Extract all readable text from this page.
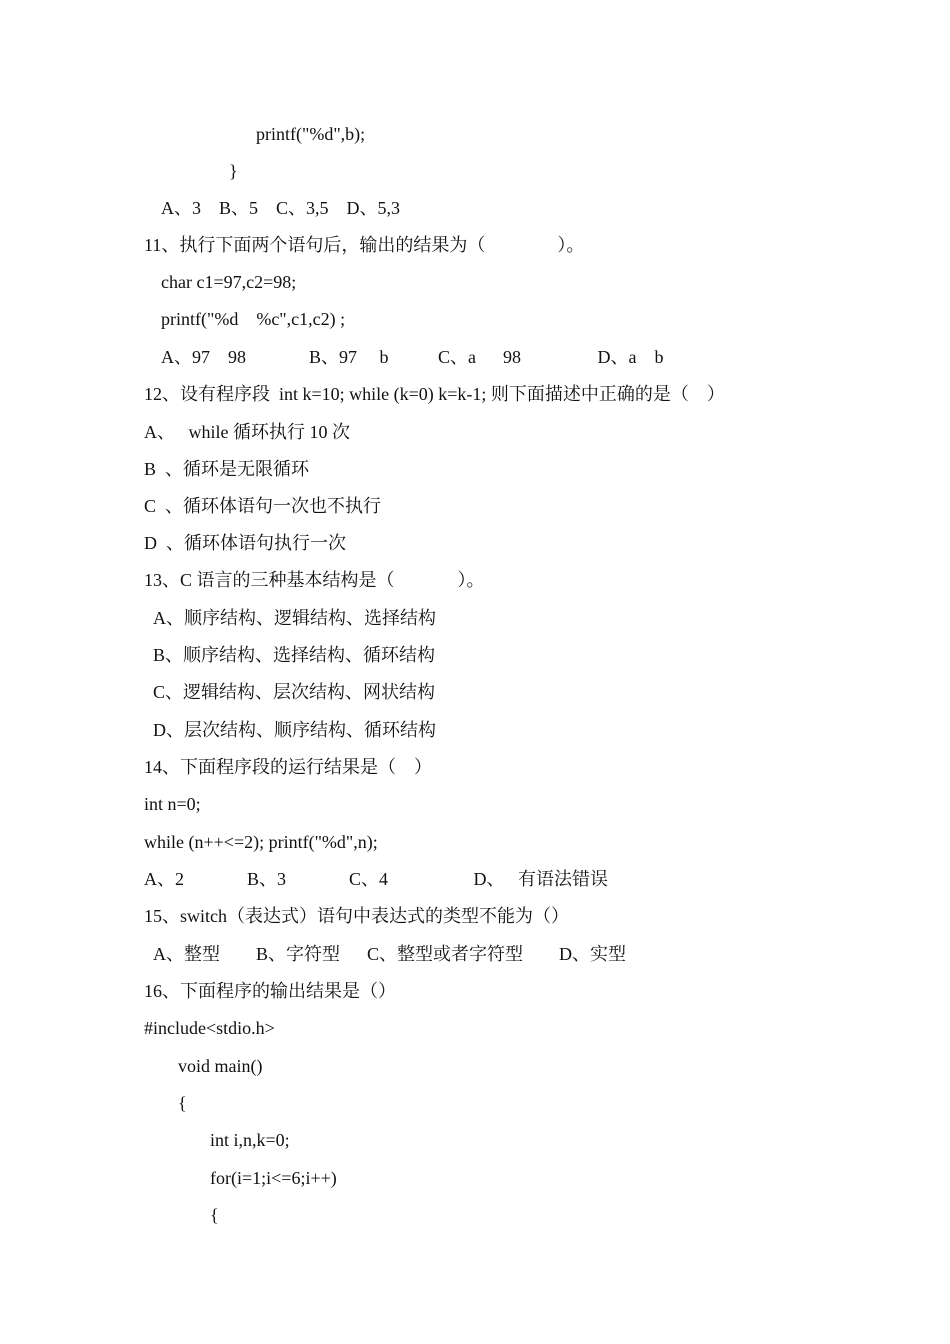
printf("%d",b);
}
A、3    B、5    C、3,5    D、5,3
11、执行下面两个语句后，输出的结果为（                ）。
char c1=97,c2=98;
printf("%d    %c",c1,c2) ;
A、97    98              B、97     b           C、a      98                 D、a    b
12、设有程序段  int k=10; while (k=0) k=k-1; 则下面描述中正确的是（    ）
A、   while 循环执行 10 次
B  、循环是无限循环
C  、循环体语句一次也不执行
D  、循环体语句执行一次
13、C 语言的三种基本结构是（              ）。
A、顺序结构、逻辑结构、选择结构
B、顺序结构、选择结构、循环结构
C、逻辑结构、层次结构、网状结构
D、层次结构、顺序结构、循环结构
14、下面程序段的运行结果是（    ）
int n=0;
while (n++<=2); printf("%d",n);
A、2              B、3              C、4                   D、   有语法错误
15、switch（表达式）语句中表达式的类型不能为（）
A、整型        B、字符型      C、整型或者字符型        D、实型
16、下面程序的输出结果是（）
#include<stdio.h>
void main()
{
int i,n,k=0;
for(i=1;i<=6;i++)
{
